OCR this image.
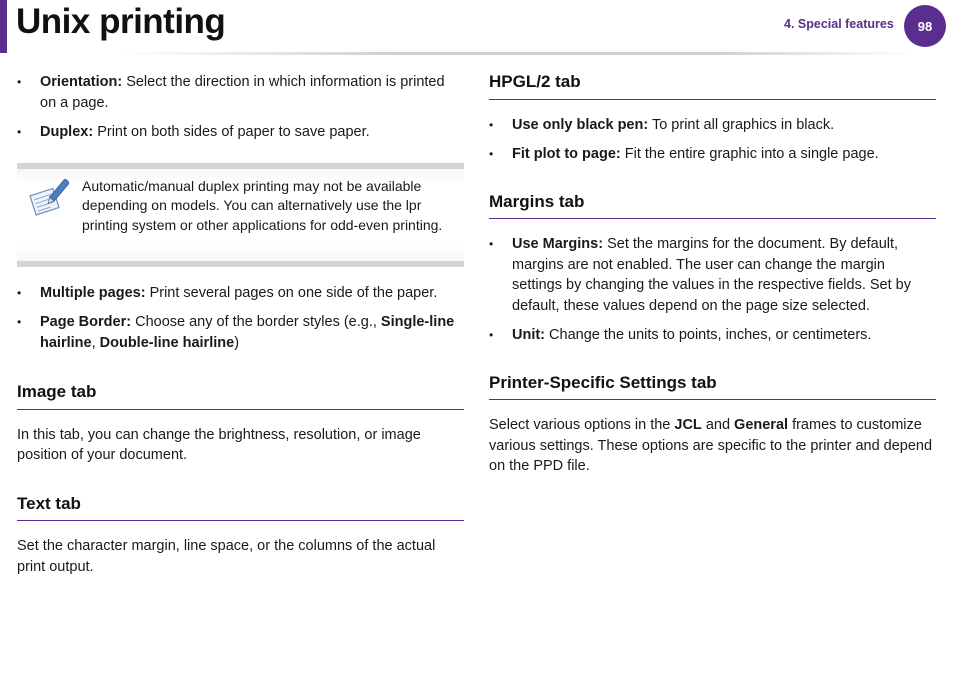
Unix printing	4. Special features 98
• Orientation: Select the direction in which information is printed on a page.
• Duplex: Print on both sides of paper to save paper.
Automatic/manual duplex printing may not be available depending on models. You can alternatively use the lpr printing system or other applications for odd-even printing.
• Multiple pages: Print several pages on one side of the paper.
• Page Border: Choose any of the border styles (e.g., Single-line hairline, Double-line hairline)
Image tab

In this tab, you can change the brightness, resolution, or image position of your document.

Text tab

Set the character margin, line space, or the columns of the actual print output.

HPGL/2 tab
• Use only black pen: To print all graphics in black.
• Fit plot to page: Fit the entire graphic into a single page.
Margins tab
• Use Margins: Set the margins for the document. By default, margins are not enabled. The user can change the margin settings by changing the values in the respective fields. Set by default, these values depend on the page size selected.
• Unit: Change the units to points, inches, or centimeters.
Printer-Specific Settings tab

Select various options in the JCL and General frames to customize various settings. These options are specific to the printer and depend on the PPD file.
